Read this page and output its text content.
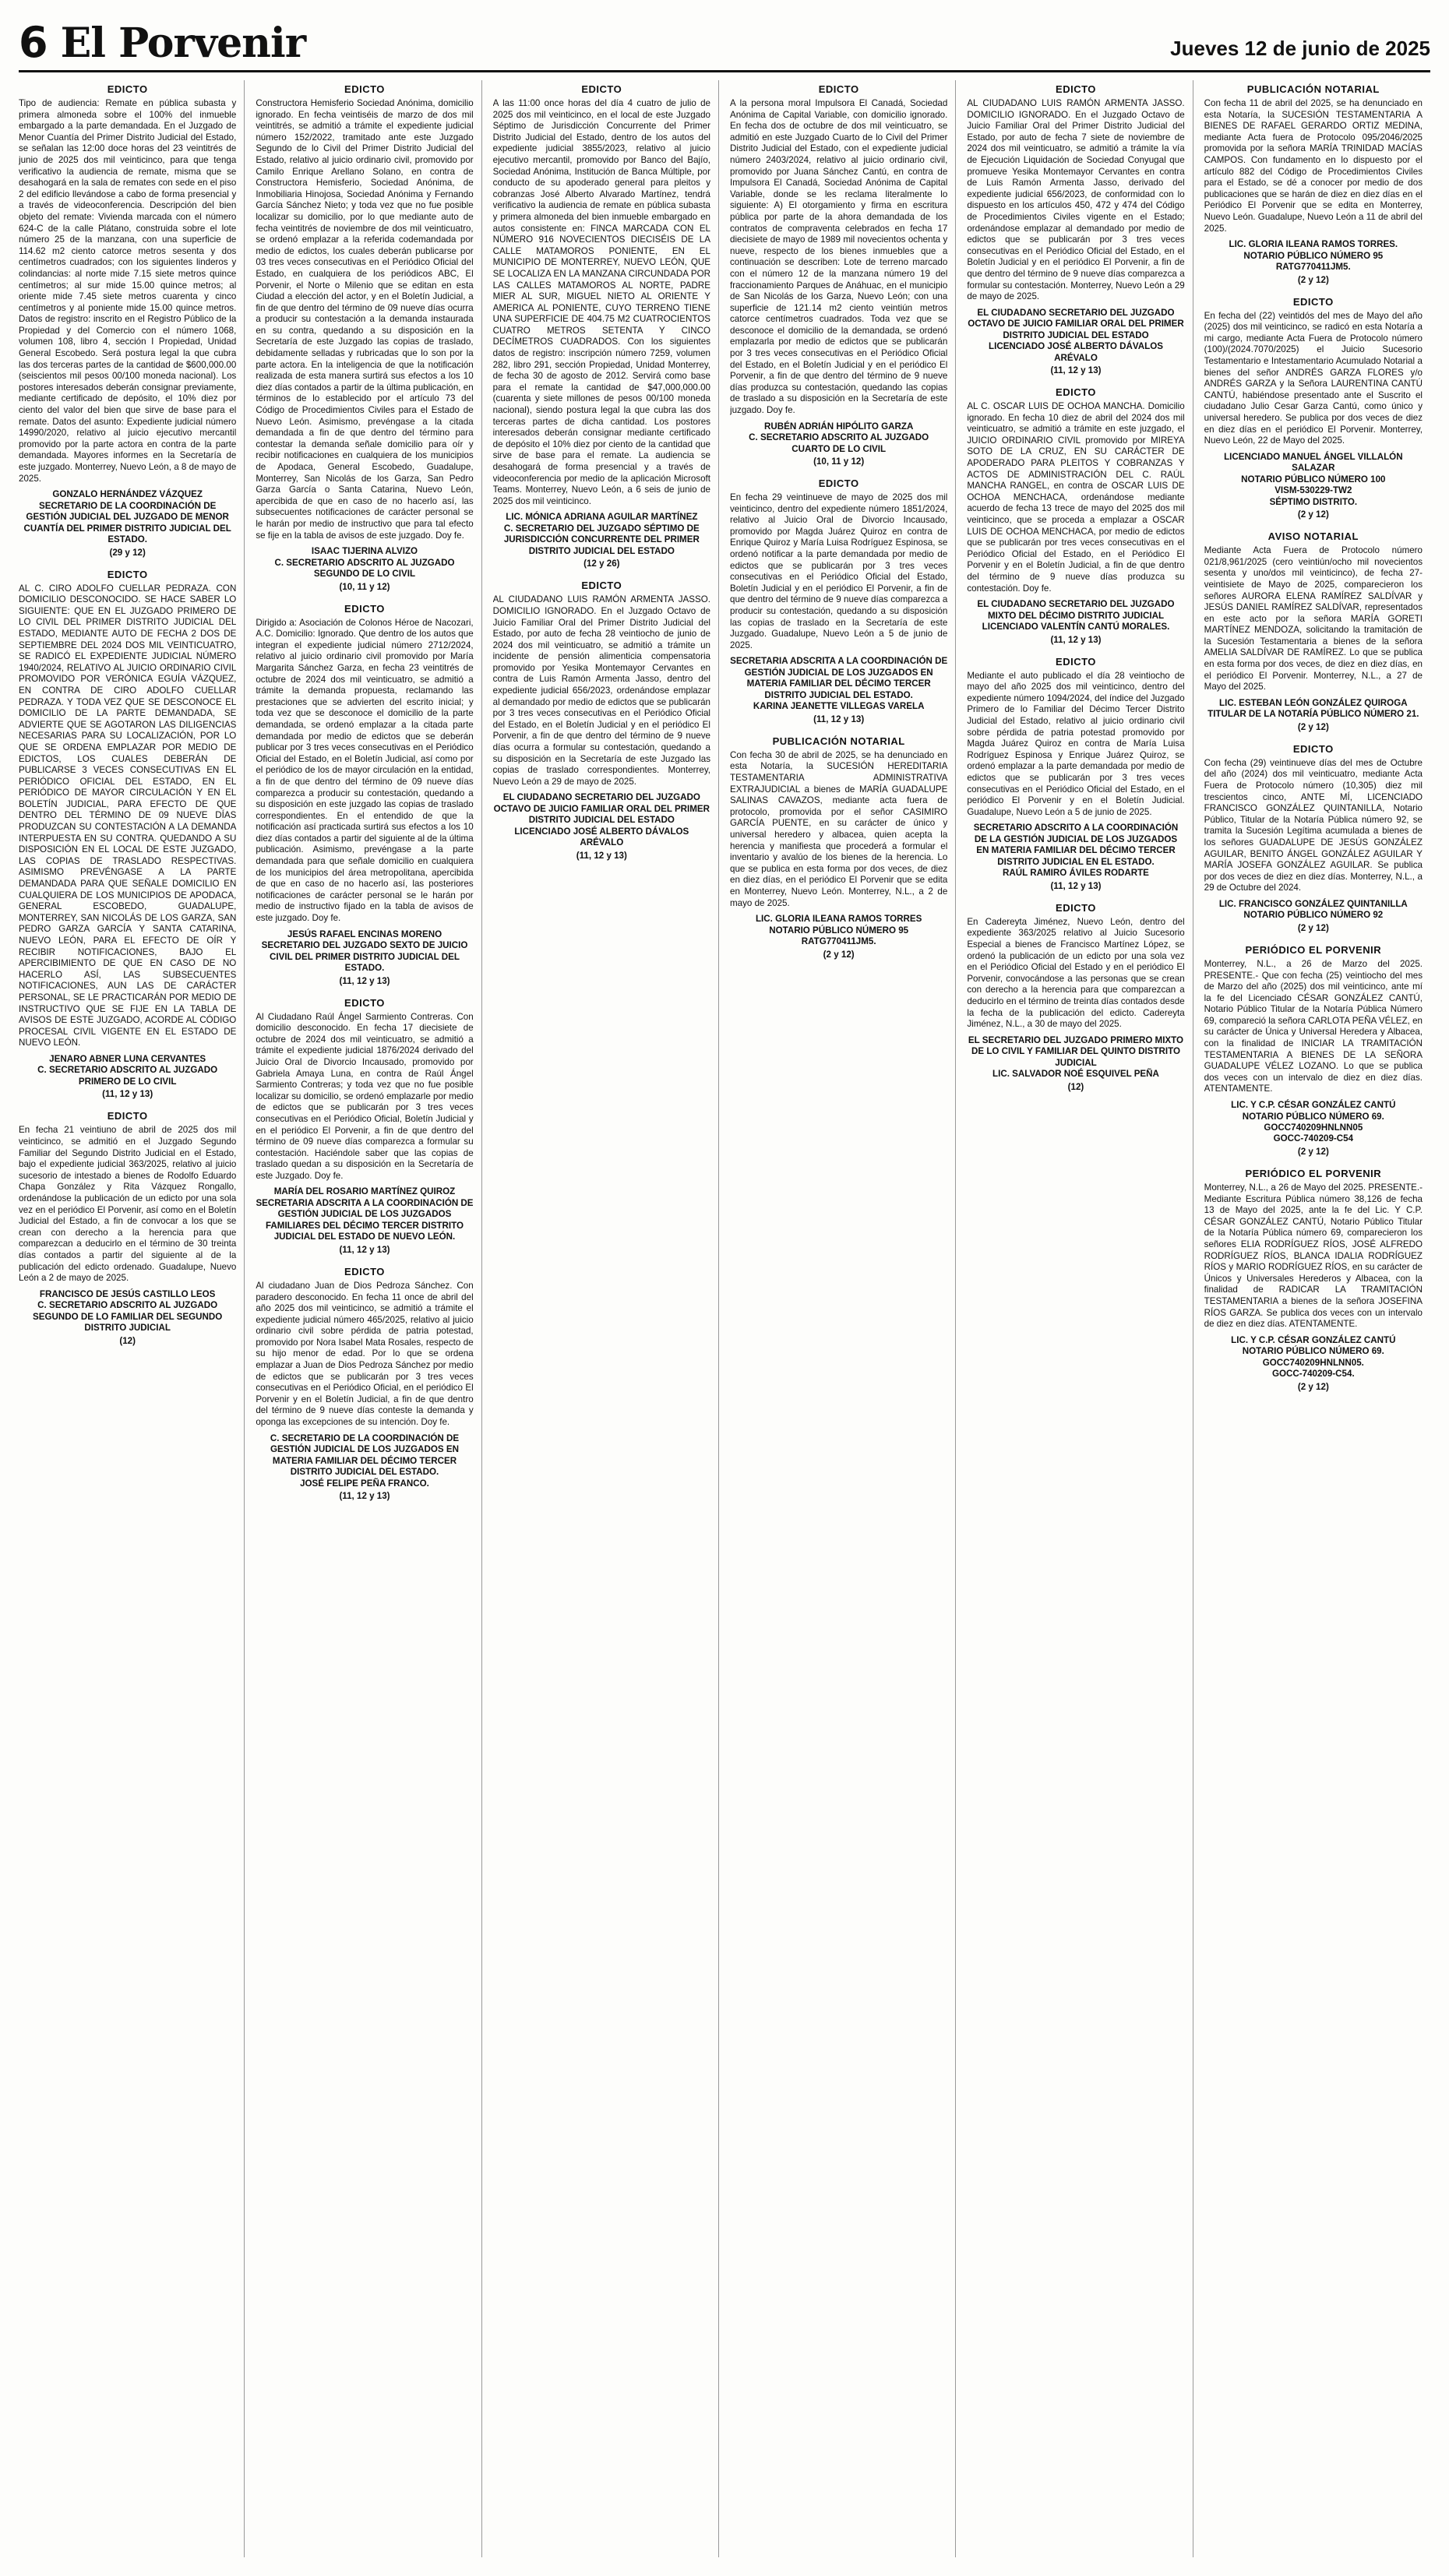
6 El Porvenir	Jueves 12 de junio de 2025
EDICTO

Tipo de audiencia: Remate en pública subasta y primera almoneda sobre el 100% del inmueble embargado a la parte demandada. En el Juzgado de Menor Cuantía del Primer Distrito Judicial del Estado, se señalan las 12:00 doce horas del 23 veintitrés de junio de 2025 dos mil veinticinco, para que tenga verificativo la audiencia de remate, misma que se desahogará en la sala de remates con sede en el piso 2 del edificio llevándose a cabo de forma presencial y a través de videoconferencia. Descripción del bien objeto del remate: Vivienda marcada con el número 624-C de la calle Plátano, construida sobre el lote número 25 de la manzana, con una superficie de 114.62 m2 ciento catorce metros sesenta y dos centímetros cuadrados; con los siguientes linderos y colindancias: al norte mide 7.15 siete metros quince centímetros; al sur mide 15.00 quince metros; al oriente mide 7.45 siete metros cuarenta y cinco centímetros y al poniente mide 15.00 quince metros. Datos de registro: inscrito en el Registro Público de la Propiedad y del Comercio con el número 1068, volumen 108, libro 4, sección I Propiedad, Unidad General Escobedo. Será postura legal la que cubra las dos terceras partes de la cantidad de $600,000.00 (seiscientos mil pesos 00/100 moneda nacional). Los postores interesados deberán consignar previamente, mediante certificado de depósito, el 10% diez por ciento del valor del bien que sirve de base para el remate. Datos del asunto: Expediente judicial número 14990/2020, relativo al juicio ejecutivo mercantil promovido por la parte actora en contra de la parte demandada. Mayores informes en la Secretaría de este juzgado. Monterrey, Nuevo León, a 8 de mayo de 2025.

GONZALO HERNÁNDEZ VÁZQUEZ
SECRETARIO DE LA COORDINACIÓN DE GESTIÓN JUDICIAL DEL JUZGADO DE MENOR CUANTÍA DEL PRIMER DISTRITO JUDICIAL DEL ESTADO.
(29 y 12)
EDICTO

AL C. CIRO ADOLFO CUELLAR PEDRAZA. CON DOMICILIO DESCONOCIDO. SE HACE SABER LO SIGUIENTE: QUE EN EL JUZGADO PRIMERO DE LO CIVIL DEL PRIMER DISTRITO JUDICIAL DEL ESTADO, MEDIANTE AUTO DE FECHA 2 DOS DE SEPTIEMBRE DEL 2024 DOS MIL VEINTICUATRO, SE RADICÓ EL EXPEDIENTE JUDICIAL NÚMERO 1940/2024, RELATIVO AL JUICIO ORDINARIO CIVIL PROMOVIDO POR VERÓNICA EGUÍA VÁZQUEZ, EN CONTRA DE CIRO ADOLFO CUELLAR PEDRAZA. Y TODA VEZ QUE SE DESCONOCE EL DOMICILIO DE LA PARTE DEMANDADA, SE ADVIERTE QUE SE AGOTARON LAS DILIGENCIAS NECESARIAS PARA SU LOCALIZACIÓN, POR LO QUE SE ORDENA EMPLAZAR POR MEDIO DE EDICTOS, LOS CUALES DEBERÁN DE PUBLICARSE 3 VECES CONSECUTIVAS EN EL PERIÓDICO OFICIAL DEL ESTADO, EN EL PERIÓDICO DE MAYOR CIRCULACIÓN Y EN EL BOLETÍN JUDICIAL, PARA EFECTO DE QUE DENTRO DEL TÉRMINO DE 09 NUEVE DÍAS PRODUZCAN SU CONTESTACIÓN A LA DEMANDA INTERPUESTA EN SU CONTRA. QUEDANDO A SU DISPOSICIÓN EN EL LOCAL DE ESTE JUZGADO, LAS COPIAS DE TRASLADO RESPECTIVAS. ASIMISMO PREVÉNGASE A LA PARTE DEMANDADA PARA QUE SEÑALE DOMICILIO EN CUALQUIERA DE LOS MUNICIPIOS DE APODACA, GENERAL ESCOBEDO, GUADALUPE, MONTERREY, SAN NICOLÁS DE LOS GARZA, SAN PEDRO GARZA GARCÍA Y SANTA CATARINA, NUEVO LEÓN, PARA EL EFECTO DE OÍR Y RECIBIR NOTIFICACIONES, BAJO EL APERCIBIMIENTO DE QUE EN CASO DE NO HACERLO ASÍ, LAS SUBSECUENTES NOTIFICACIONES, AUN LAS DE CARÁCTER PERSONAL, SE LE PRACTICARÁN POR MEDIO DE INSTRUCTIVO QUE SE FIJE EN LA TABLA DE AVISOS DE ESTE JUZGADO, ACORDE AL CÓDIGO PROCESAL CIVIL VIGENTE EN EL ESTADO DE NUEVO LEÓN.

JENARO ABNER LUNA CERVANTES
C. SECRETARIO ADSCRITO AL JUZGADO PRIMERO DE LO CIVIL
(11, 12 y 13)
EDICTO

En fecha 21 veintiuno de abril de 2025 dos mil veinticinco, se admitió en el Juzgado Segundo Familiar del Segundo Distrito Judicial en el Estado, bajo el expediente judicial 363/2025, relativo al juicio sucesorio de intestado a bienes de Rodolfo Eduardo Chapa González y Rita Vázquez Rongallo, ordenándose la publicación de un edicto por una sola vez en el periódico El Porvenir, así como en el Boletín Judicial del Estado, a fin de convocar a los que se crean con derecho a la herencia para que comparezcan a deducirlo en el término de 30 treinta días contados a partir del siguiente al de la publicación del edicto ordenado. Guadalupe, Nuevo León a 2 de mayo de 2025.

FRANCISCO DE JESÚS CASTILLO LEOS
C. SECRETARIO ADSCRITO AL JUZGADO SEGUNDO DE LO FAMILIAR DEL SEGUNDO DISTRITO JUDICIAL
(12)
EDICTO

Constructora Hemisferio Sociedad Anónima, domicilio ignorado. En fecha veintiséis de marzo de dos mil veintitrés, se admitió a trámite el expediente judicial número 152/2022, tramitado ante este Juzgado Segundo de lo Civil del Primer Distrito Judicial del Estado, relativo al juicio ordinario civil, promovido por Camilo Enrique Arellano Solano, en contra de Constructora Hemisferio, Sociedad Anónima, de Inmobiliaria Hinojosa, Sociedad Anónima y Fernando García Sánchez Nieto; y toda vez que no fue posible localizar su domicilio, por lo que mediante auto de fecha veintitrés de noviembre de dos mil veinticuatro, se ordenó emplazar a la referida codemandada por medio de edictos, los cuales deberán publicarse por 03 tres veces consecutivas en el Periódico Oficial del Estado, en cualquiera de los periódicos ABC, El Porvenir, el Norte o Milenio que se editan en esta Ciudad a elección del actor, y en el Boletín Judicial, a fin de que dentro del término de 09 nueve días ocurra a producir su contestación a la demanda instaurada en su contra, quedando a su disposición en la Secretaría de este Juzgado las copias de traslado, debidamente selladas y rubricadas que lo son por la parte actora. En la inteligencia de que la notificación realizada de esta manera surtirá sus efectos a los 10 diez días contados a partir de la última publicación, en términos de lo establecido por el artículo 73 del Código de Procedimientos Civiles para el Estado de Nuevo León. Asimismo, prevéngase a la citada demandada a fin de que dentro del término para contestar la demanda señale domicilio para oír y recibir notificaciones en cualquiera de los municipios de Apodaca, General Escobedo, Guadalupe, Monterrey, San Nicolás de los Garza, San Pedro Garza García o Santa Catarina, Nuevo León, apercibida de que en caso de no hacerlo así, las subsecuentes notificaciones de carácter personal se le harán por medio de instructivo que para tal efecto se fije en la tabla de avisos de este juzgado. Doy fe.

ISAAC TIJERINA ALVIZO
C. SECRETARIO ADSCRITO AL JUZGADO SEGUNDO DE LO CIVIL
(10, 11 y 12)
EDICTO

Dirigido a: Asociación de Colonos Héroe de Nacozari, A.C. Domicilio: Ignorado. Que dentro de los autos que integran el expediente judicial número 2712/2024, relativo al juicio ordinario civil promovido por María Margarita Sánchez Garza, en fecha 23 veintitrés de octubre de 2024 dos mil veinticuatro, se admitió a trámite la demanda propuesta, reclamando las prestaciones que se advierten del escrito inicial; y toda vez que se desconoce el domicilio de la parte demandada, se ordenó emplazar a la citada parte demandada por medio de edictos que se deberán publicar por 3 tres veces consecutivas en el Periódico Oficial del Estado, en el Boletín Judicial, así como por el periódico de los de mayor circulación en la entidad, a fin de que dentro del término de 09 nueve días comparezca a producir su contestación, quedando a su disposición en este juzgado las copias de traslado correspondientes. En el entendido de que la notificación así practicada surtirá sus efectos a los 10 diez días contados a partir del siguiente al de la última publicación. Asimismo, prevéngase a la parte demandada para que señale domicilio en cualquiera de los municipios del área metropolitana, apercibida de que en caso de no hacerlo así, las posteriores notificaciones de carácter personal se le harán por medio de instructivo fijado en la tabla de avisos de este juzgado. Doy fe.

JESÚS RAFAEL ENCINAS MORENO
SECRETARIO DEL JUZGADO SEXTO DE JUICIO CIVIL DEL PRIMER DISTRITO JUDICIAL DEL ESTADO.
(11, 12 y 13)
EDICTO

Al Ciudadano Raúl Ángel Sarmiento Contreras. Con domicilio desconocido. En fecha 17 diecisiete de octubre de 2024 dos mil veinticuatro, se admitió a trámite el expediente judicial 1876/2024 derivado del Juicio Oral de Divorcio Incausado, promovido por Gabriela Amaya Luna, en contra de Raúl Ángel Sarmiento Contreras; y toda vez que no fue posible localizar su domicilio, se ordenó emplazarle por medio de edictos que se publicarán por 3 tres veces consecutivas en el Periódico Oficial, Boletín Judicial y en el periódico El Porvenir, a fin de que dentro del término de 09 nueve días comparezca a formular su contestación. Haciéndole saber que las copias de traslado quedan a su disposición en la Secretaría de este Juzgado. Doy fe.

MARÍA DEL ROSARIO MARTÍNEZ QUIROZ
SECRETARIA ADSCRITA A LA COORDINACIÓN DE GESTIÓN JUDICIAL DE LOS JUZGADOS FAMILIARES DEL DÉCIMO TERCER DISTRITO JUDICIAL DEL ESTADO DE NUEVO LEÓN.
(11, 12 y 13)
EDICTO

Al ciudadano Juan de Dios Pedroza Sánchez. Con paradero desconocido. En fecha 11 once de abril del año 2025 dos mil veinticinco, se admitió a trámite el expediente judicial número 465/2025, relativo al juicio ordinario civil sobre pérdida de patria potestad, promovido por Nora Isabel Mata Rosales, respecto de su hijo menor de edad. Por lo que se ordena emplazar a Juan de Dios Pedroza Sánchez por medio de edictos que se publicarán por 3 tres veces consecutivas en el Periódico Oficial, en el periódico El Porvenir y en el Boletín Judicial, a fin de que dentro del término de 9 nueve días conteste la demanda y oponga las excepciones de su intención. Doy fe.

C. SECRETARIO DE LA COORDINACIÓN DE GESTIÓN JUDICIAL DE LOS JUZGADOS EN MATERIA FAMILIAR DEL DÉCIMO TERCER DISTRITO JUDICIAL DEL ESTADO.
JOSÉ FELIPE PEÑA FRANCO.
(11, 12 y 13)
EDICTO

A las 11:00 once horas del día 4 cuatro de julio de 2025 dos mil veinticinco, en el local de este Juzgado Séptimo de Jurisdicción Concurrente del Primer Distrito Judicial del Estado, dentro de los autos del expediente judicial 3855/2023, relativo al juicio ejecutivo mercantil, promovido por Banco del Bajío, Sociedad Anónima, Institución de Banca Múltiple, por conducto de su apoderado general para pleitos y cobranzas José Alberto Alvarado Martínez, tendrá verificativo la audiencia de remate en pública subasta y primera almoneda del bien inmueble embargado en autos consistente en: FINCA MARCADA CON EL NÚMERO 916 NOVECIENTOS DIECISÉIS DE LA CALLE MATAMOROS PONIENTE, EN EL MUNICIPIO DE MONTERREY, NUEVO LEÓN, QUE SE LOCALIZA EN LA MANZANA CIRCUNDADA POR LAS CALLES MATAMOROS AL NORTE, PADRE MIER AL SUR, MIGUEL NIETO AL ORIENTE Y AMERICA AL PONIENTE, CUYO TERRENO TIENE UNA SUPERFICIE DE 404.75 M2 CUATROCIENTOS CUATRO METROS SETENTA Y CINCO DECÍMETROS CUADRADOS. Con los siguientes datos de registro: inscripción número 7259, volumen 282, libro 291, sección Propiedad, Unidad Monterrey, de fecha 30 de agosto de 2012. Servirá como base para el remate la cantidad de $47,000,000.00 (cuarenta y siete millones de pesos 00/100 moneda nacional), siendo postura legal la que cubra las dos terceras partes de dicha cantidad. Los postores interesados deberán consignar mediante certificado de depósito el 10% diez por ciento de la cantidad que sirve de base para el remate. La audiencia se desahogará de forma presencial y a través de videoconferencia por medio de la aplicación Microsoft Teams. Monterrey, Nuevo León, a 6 seis de junio de 2025 dos mil veinticinco.

LIC. MÓNICA ADRIANA AGUILAR MARTÍNEZ
C. SECRETARIO DEL JUZGADO SÉPTIMO DE JURISDICCIÓN CONCURRENTE DEL PRIMER DISTRITO JUDICIAL DEL ESTADO
(12 y 26)
EDICTO

AL CIUDADANO LUIS RAMÓN ARMENTA JASSO. DOMICILIO IGNORADO. En el Juzgado Octavo de Juicio Familiar Oral del Primer Distrito Judicial del Estado, por auto de fecha 28 veintiocho de junio de 2024 dos mil veinticuatro, se admitió a trámite un incidente de pensión alimenticia compensatoria promovido por Yesika Montemayor Cervantes en contra de Luis Ramón Armenta Jasso, dentro del expediente judicial 656/2023, ordenándose emplazar al demandado por medio de edictos que se publicarán por 3 tres veces consecutivas en el Periódico Oficial del Estado, en el Boletín Judicial y en el periódico El Porvenir, a fin de que dentro del término de 9 nueve días ocurra a formular su contestación, quedando a su disposición en la Secretaría de este Juzgado las copias de traslado correspondientes. Monterrey, Nuevo León a 29 de mayo de 2025.

EL CIUDADANO SECRETARIO DEL JUZGADO OCTAVO DE JUICIO FAMILIAR ORAL DEL PRIMER DISTRITO JUDICIAL DEL ESTADO
LICENCIADO JOSÉ ALBERTO DÁVALOS ARÉVALO
(11, 12 y 13)
EDICTO

A la persona moral Impulsora El Canadá, Sociedad Anónima de Capital Variable, con domicilio ignorado. En fecha dos de octubre de dos mil veinticuatro, se admitió en este Juzgado Cuarto de lo Civil del Primer Distrito Judicial del Estado, con el expediente judicial número 2403/2024, relativo al juicio ordinario civil, promovido por Juana Sánchez Cantú, en contra de Impulsora El Canadá, Sociedad Anónima de Capital Variable, donde se les reclama literalmente lo siguiente: A) El otorgamiento y firma en escritura pública por parte de la ahora demandada de los contratos de compraventa celebrados en fecha 17 diecisiete de mayo de 1989 mil novecientos ochenta y nueve, respecto de los bienes inmuebles que a continuación se describen: Lote de terreno marcado con el número 12 de la manzana número 19 del fraccionamiento Parques de Anáhuac, en el municipio de San Nicolás de los Garza, Nuevo León; con una superficie de 121.14 m2 ciento veintiún metros catorce centímetros cuadrados. Toda vez que se desconoce el domicilio de la demandada, se ordenó emplazarla por medio de edictos que se publicarán por 3 tres veces consecutivas en el Periódico Oficial del Estado, en el Boletín Judicial y en el periódico El Porvenir, a fin de que dentro del término de 9 nueve días produzca su contestación, quedando las copias de traslado a su disposición en la Secretaría de este juzgado. Doy fe.

RUBÉN ADRIÁN HIPÓLITO GARZA
C. SECRETARIO ADSCRITO AL JUZGADO CUARTO DE LO CIVIL
(10, 11 y 12)
EDICTO

En fecha 29 veintinueve de mayo de 2025 dos mil veinticinco, dentro del expediente número 1851/2024, relativo al Juicio Oral de Divorcio Incausado, promovido por Magda Juárez Quiroz en contra de Enrique Quiroz y María Luisa Rodríguez Espinosa, se ordenó notificar a la parte demandada por medio de edictos que se publicarán por 3 tres veces consecutivas en el Periódico Oficial del Estado, Boletín Judicial y en el periódico El Porvenir, a fin de que dentro del término de 9 nueve días comparezca a producir su contestación, quedando a su disposición las copias de traslado en la Secretaría de este Juzgado. Guadalupe, Nuevo León a 5 de junio de 2025.

SECRETARIA ADSCRITA A LA COORDINACIÓN DE GESTIÓN JUDICIAL DE LOS JUZGADOS EN MATERIA FAMILIAR DEL DÉCIMO TERCER DISTRITO JUDICIAL DEL ESTADO.
KARINA JEANETTE VILLEGAS VARELA
(11, 12 y 13)
PUBLICACIÓN NOTARIAL

Con fecha 30 de abril de 2025, se ha denunciado en esta Notaría, la SUCESIÓN HEREDITARIA TESTAMENTARIA ADMINISTRATIVA EXTRAJUDICIAL a bienes de MARÍA GUADALUPE SALINAS CAVAZOS, mediante acta fuera de protocolo, promovida por el señor CASIMIRO GARCÍA PUENTE, en su carácter de único y universal heredero y albacea, quien acepta la herencia y manifiesta que procederá a formular el inventario y avalúo de los bienes de la herencia. Lo que se publica en esta forma por dos veces, de diez en diez días, en el periódico El Porvenir que se edita en Monterrey, Nuevo León. Monterrey, N.L., a 2 de mayo de 2025.

LIC. GLORIA ILEANA RAMOS TORRES
NOTARIO PÚBLICO NÚMERO 95
RATG770411JM5.
(2 y 12)
EDICTO

AL CIUDADANO LUIS RAMÓN ARMENTA JASSO. DOMICILIO IGNORADO. En el Juzgado Octavo de Juicio Familiar Oral del Primer Distrito Judicial del Estado, por auto de fecha 7 siete de noviembre de 2024 dos mil veinticuatro, se admitió a trámite la vía de Ejecución Liquidación de Sociedad Conyugal que promueve Yesika Montemayor Cervantes en contra de Luis Ramón Armenta Jasso, derivado del expediente judicial 656/2023, de conformidad con lo dispuesto en los artículos 450, 472 y 474 del Código de Procedimientos Civiles vigente en el Estado; ordenándose emplazar al demandado por medio de edictos que se publicarán por 3 tres veces consecutivas en el Periódico Oficial del Estado, en el Boletín Judicial y en el periódico El Porvenir, a fin de que dentro del término de 9 nueve días comparezca a formular su contestación. Monterrey, Nuevo León a 29 de mayo de 2025.

EL CIUDADANO SECRETARIO DEL JUZGADO OCTAVO DE JUICIO FAMILIAR ORAL DEL PRIMER DISTRITO JUDICIAL DEL ESTADO
LICENCIADO JOSÉ ALBERTO DÁVALOS ARÉVALO
(11, 12 y 13)
EDICTO

AL C. OSCAR LUIS DE OCHOA MANCHA. Domicilio ignorado. En fecha 10 diez de abril del 2024 dos mil veinticuatro, se admitió a trámite en este juzgado, el JUICIO ORDINARIO CIVIL promovido por MIREYA SOTO DE LA CRUZ, EN SU CARÁCTER DE APODERADO PARA PLEITOS Y COBRANZAS Y ACTOS DE ADMINISTRACIÓN DEL C. RAÚL MANCHA RANGEL, en contra de OSCAR LUIS DE OCHOA MENCHACA, ordenándose mediante acuerdo de fecha 13 trece de mayo del 2025 dos mil veinticinco, que se proceda a emplazar a OSCAR LUIS DE OCHOA MENCHACA, por medio de edictos que se publicarán por tres veces consecutivas en el Periódico Oficial del Estado, en el Periódico El Porvenir y en el Boletín Judicial, a fin de que dentro del término de 9 nueve días produzca su contestación. Doy fe.

EL CIUDADANO SECRETARIO DEL JUZGADO MIXTO DEL DÉCIMO DISTRITO JUDICIAL
LICENCIADO VALENTÍN CANTÚ MORALES.
(11, 12 y 13)
EDICTO

Mediante el auto publicado el día 28 veintiocho de mayo del año 2025 dos mil veinticinco, dentro del expediente número 1094/2024, del índice del Juzgado Primero de lo Familiar del Décimo Tercer Distrito Judicial del Estado, relativo al juicio ordinario civil sobre pérdida de patria potestad promovido por Magda Juárez Quiroz en contra de María Luisa Rodríguez Espinosa y Enrique Juárez Quiroz, se ordenó emplazar a la parte demandada por medio de edictos que se publicarán por 3 tres veces consecutivas en el Periódico Oficial del Estado, en el periódico El Porvenir y en el Boletín Judicial. Guadalupe, Nuevo León a 5 de junio de 2025.

SECRETARIO ADSCRITO A LA COORDINACIÓN DE LA GESTIÓN JUDICIAL DE LOS JUZGADOS EN MATERIA FAMILIAR DEL DÉCIMO TERCER DISTRITO JUDICIAL EN EL ESTADO.
RAÚL RAMIRO ÁVILES RODARTE
(11, 12 y 13)
EDICTO

En Cadereyta Jiménez, Nuevo León, dentro del expediente 363/2025 relativo al Juicio Sucesorio Especial a bienes de Francisco Martínez López, se ordenó la publicación de un edicto por una sola vez en el Periódico Oficial del Estado y en el periódico El Porvenir, convocándose a las personas que se crean con derecho a la herencia para que comparezcan a deducirlo en el término de treinta días contados desde la fecha de la publicación del edicto. Cadereyta Jiménez, N.L., a 30 de mayo del 2025.

EL SECRETARIO DEL JUZGADO PRIMERO MIXTO DE LO CIVIL Y FAMILIAR DEL QUINTO DISTRITO JUDICIAL
LIC. SALVADOR NOÉ ESQUIVEL PEÑA
(12)
PUBLICACIÓN NOTARIAL

Con fecha 11 de abril del 2025, se ha denunciado en esta Notaría, la SUCESIÓN TESTAMENTARIA A BIENES DE RAFAEL GERARDO ORTIZ MEDINA, mediante Acta fuera de Protocolo 095/2046/2025 promovida por la señora MARÍA TRINIDAD MACÍAS CAMPOS. Con fundamento en lo dispuesto por el artículo 882 del Código de Procedimientos Civiles para el Estado, se dé a conocer por medio de dos publicaciones que se harán de diez en diez días en el Periódico El Porvenir que se edita en Monterrey, Nuevo León. Guadalupe, Nuevo León a 11 de abril del 2025.

LIC. GLORIA ILEANA RAMOS TORRES.
NOTARIO PÚBLICO NÚMERO 95
RATG770411JM5.
(2 y 12)
EDICTO

En fecha del (22) veintidós del mes de Mayo del año (2025) dos mil veinticinco, se radicó en esta Notaría a mi cargo, mediante Acta Fuera de Protocolo número (100)/(2024.7070/2025) el Juicio Sucesorio Testamentario e Intestamentario Acumulado Notarial a bienes del señor ANDRÉS GARZA FLORES y/o ANDRÉS GARZA y la Señora LAURENTINA CANTÚ CANTÚ, habiéndose presentado ante el Suscrito el ciudadano Julio Cesar Garza Cantú, como único y universal heredero. Se publica por dos veces de diez en diez días en el periódico El Porvenir. Monterrey, Nuevo León, 22 de Mayo del 2025.

LICENCIADO MANUEL ÁNGEL VILLALÓN SALAZAR
NOTARIO PÚBLICO NÚMERO 100
VISM-530229-TW2
SÉPTIMO DISTRITO.
(2 y 12)
AVISO NOTARIAL

Mediante Acta Fuera de Protocolo número 021/8,961/2025 (cero veintiún/ocho mil novecientos sesenta y uno/dos mil veinticinco), de fecha 27-veintisiete de Mayo de 2025, comparecieron los señores AURORA ELENA RAMÍREZ SALDÍVAR y JESÚS DANIEL RAMÍREZ SALDÍVAR, representados en este acto por la señora MARÍA GORETI MARTÍNEZ MENDOZA, solicitando la tramitación de la Sucesión Testamentaria a bienes de la señora AMELIA SALDÍVAR DE RAMÍREZ. Lo que se publica en esta forma por dos veces, de diez en diez días, en el periódico El Porvenir. Monterrey, N.L., a 27 de Mayo del 2025.

LIC. ESTEBAN LEÓN GONZÁLEZ QUIROGA
TITULAR DE LA NOTARÍA PÚBLICO NÚMERO 21.
(2 y 12)
EDICTO

Con fecha (29) veintinueve días del mes de Octubre del año (2024) dos mil veinticuatro, mediante Acta Fuera de Protocolo número (10,305) diez mil trescientos cinco, ANTE MÍ, LICENCIADO FRANCISCO GONZÁLEZ QUINTANILLA, Notario Público, Titular de la Notaría Pública número 92, se tramita la Sucesión Legítima acumulada a bienes de los señores GUADALUPE DE JESÚS GONZÁLEZ AGUILAR, BENITO ÁNGEL GONZÁLEZ AGUILAR Y MARÍA JOSEFA GONZÁLEZ AGUILAR. Se publica por dos veces de diez en diez días. Monterrey, N.L., a 29 de Octubre del 2024.

LIC. FRANCISCO GONZÁLEZ QUINTANILLA
NOTARIO PÚBLICO NÚMERO 92
(2 y 12)
PERIÓDICO EL PORVENIR

Monterrey, N.L., a 26 de Marzo del 2025. PRESENTE.- Que con fecha (25) veintiocho del mes de Marzo del año (2025) dos mil veinticinco, ante mí la fe del Licenciado CÉSAR GONZÁLEZ CANTÚ, Notario Público Titular de la Notaría Pública Número 69, compareció la señora CARLOTA PEÑA VÉLEZ, en su carácter de Única y Universal Heredera y Albacea, con la finalidad de INICIAR LA TRAMITACIÓN TESTAMENTARIA A BIENES DE LA SEÑORA GUADALUPE VÉLEZ LOZANO. Lo que se publica dos veces con un intervalo de diez en diez días. ATENTAMENTE.

LIC. Y C.P. CÉSAR GONZÁLEZ CANTÚ
NOTARIO PÚBLICO NÚMERO 69.
GOCC740209HNLNN05
GOCC-740209-C54
(2 y 12)
PERIÓDICO EL PORVENIR

Monterrey, N.L., a 26 de Mayo del 2025. PRESENTE.- Mediante Escritura Pública número 38,126 de fecha 13 de Mayo del 2025, ante la fe del Lic. Y C.P. CÉSAR GONZÁLEZ CANTÚ, Notario Público Titular de la Notaría Pública número 69, comparecieron los señores ELIA RODRÍGUEZ RÍOS, JOSÉ ALFREDO RODRÍGUEZ RÍOS, BLANCA IDALIA RODRÍGUEZ RÍOS y MARIO RODRÍGUEZ RÍOS, en su carácter de Únicos y Universales Herederos y Albacea, con la finalidad de RADICAR LA TRAMITACIÓN TESTAMENTARIA a bienes de la señora JOSEFINA RÍOS GARZA. Se publica dos veces con un intervalo de diez en diez días. ATENTAMENTE.

LIC. Y C.P. CÉSAR GONZÁLEZ CANTÚ
NOTARIO PÚBLICO NÚMERO 69.
GOCC740209HNLNN05.
GOCC-740209-C54.
(2 y 12)
